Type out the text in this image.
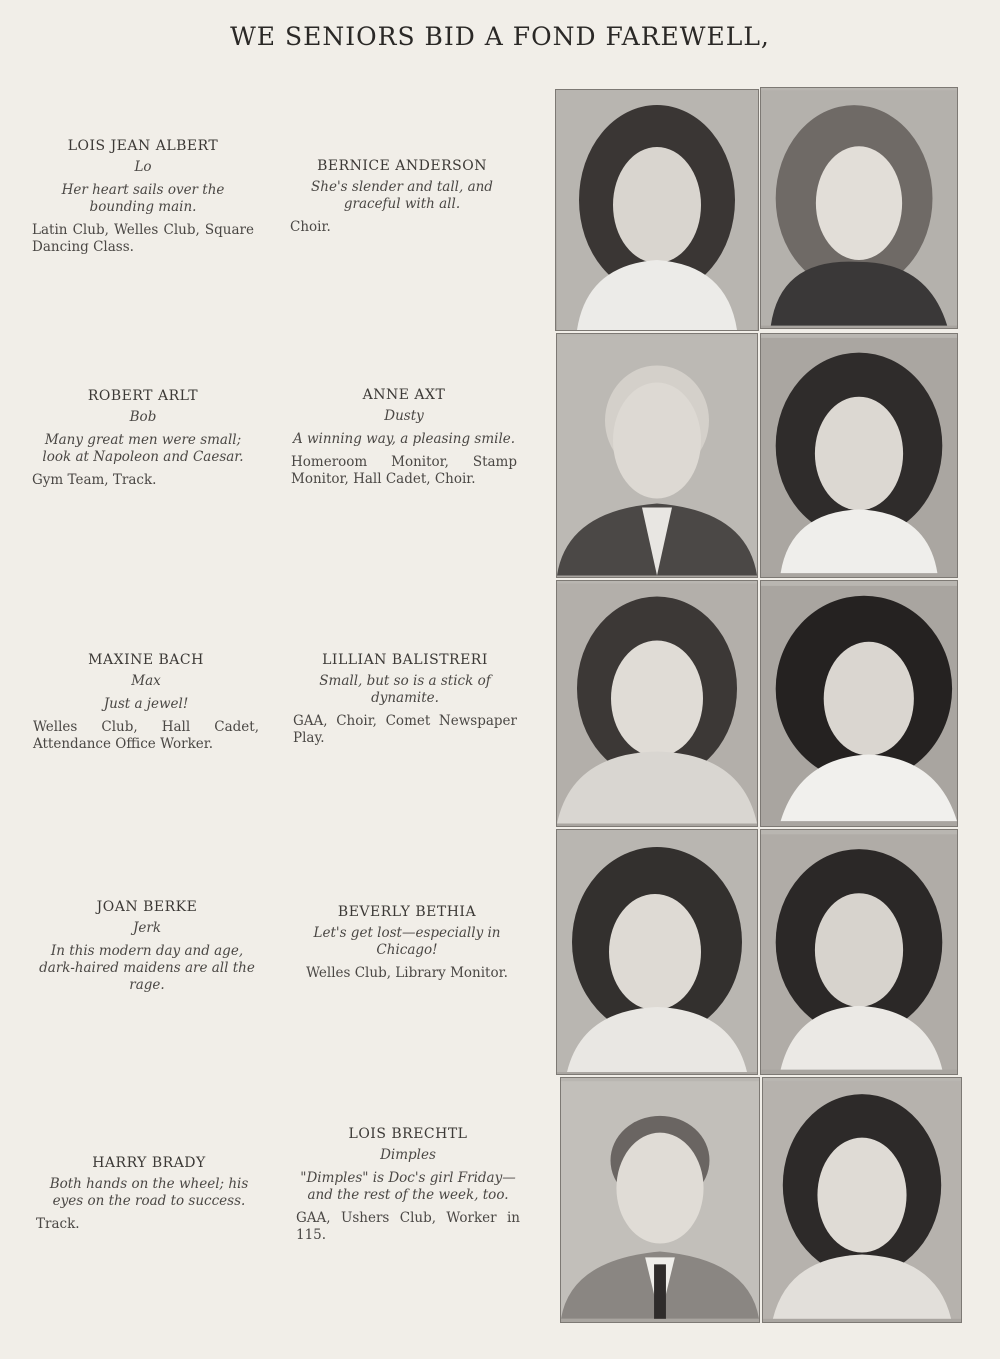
WE SENIORS BID A FOND FAREWELL,
LOIS JEAN ALBERT
Lo
Her heart sails over the bounding main.
Latin Club, Welles Club, Square Dancing Class.
BERNICE ANDERSON
She's slender and tall, and graceful with all.
Choir.
ROBERT ARLT
Bob
Many great men were small; look at Napoleon and Caesar.
Gym Team, Track.
ANNE AXT
Dusty
A winning way, a pleasing smile.
Homeroom Monitor, Stamp Monitor, Hall Cadet, Choir.
MAXINE BACH
Max
Just a jewel!
Welles Club, Hall Cadet, Attendance Office Worker.
LILLIAN BALISTRERI
Small, but so is a stick of dynamite.
GAA, Choir, Comet Newspaper Play.
JOAN BERKE
Jerk
In this modern day and age, dark-haired maidens are all the rage.
BEVERLY BETHIA
Let's get lost—especially in Chicago!
Welles Club, Library Monitor.
HARRY BRADY
Both hands on the wheel; his eyes on the road to success.
Track.
LOIS BRECHTL
Dimples
"Dimples" is Doc's girl Friday—and the rest of the week, too.
GAA, Ushers Club, Worker in 115.
